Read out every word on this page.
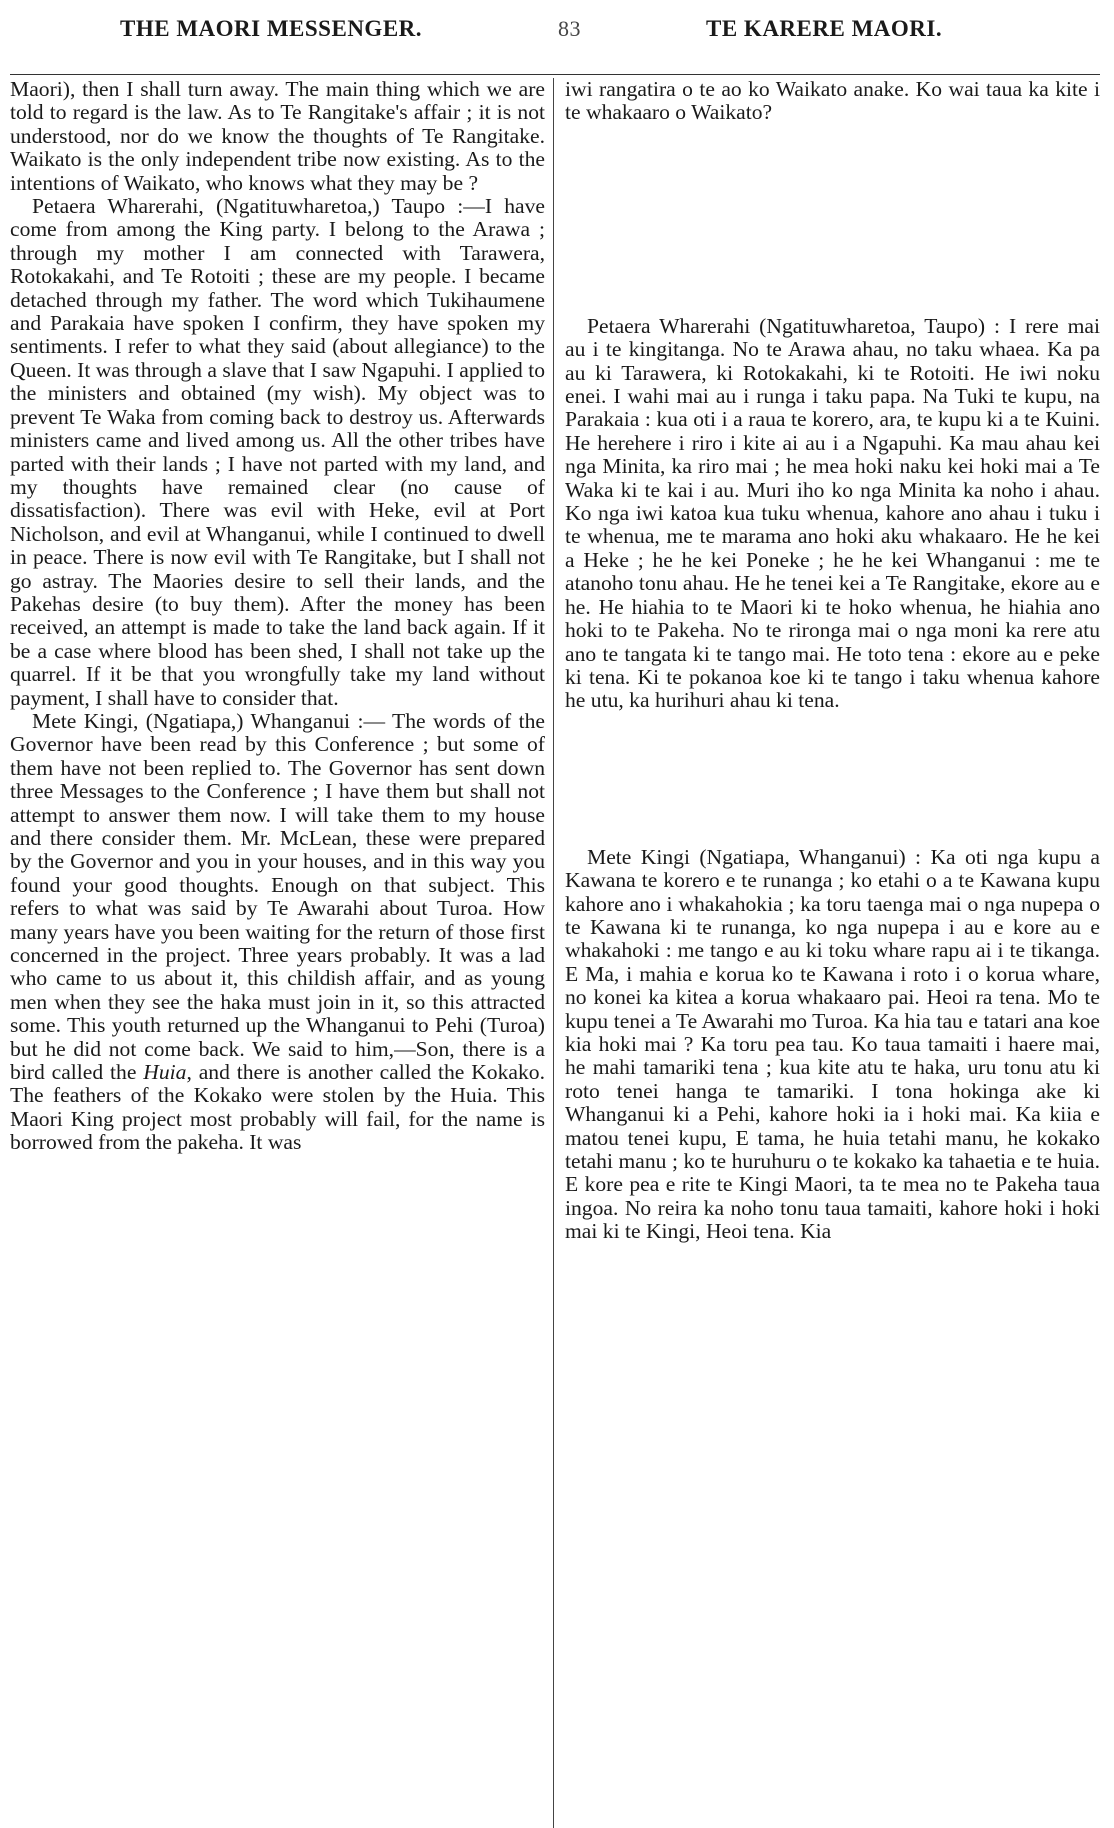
THE MAORI MESSENGER.	83	TE KARERE MAORI.

Maori), then I shall turn away. The main thing which we are told to regard is the law. As to Te Rangitake's affair ; it is not understood, nor do we know the thoughts of Te Rangitake. Waikato is the only independent tribe now existing. As to the intentions of Waikato, who knows what they may be ?

Petaera Wharerahi, (Ngatituwharetoa,) Taupo :—I have come from among the King party. I belong to the Arawa ; through my mother I am connected with Tarawera, Rotokakahi, and Te Rotoiti ; these are my people. I became detached through my father. The word which Tukihaumene and Parakaia have spoken I confirm, they have spoken my sentiments. I refer to what they said (about allegiance) to the Queen. It was through a slave that I saw Ngapuhi. I applied to the ministers and obtained (my wish). My object was to prevent Te Waka from coming back to destroy us. Afterwards ministers came and lived among us. All the other tribes have parted with their lands ; I have not parted with my land, and my thoughts have remained clear (no cause of dissatisfaction). There was evil with Heke, evil at Port Nicholson, and evil at Whanganui, while I continued to dwell in peace. There is now evil with Te Rangitake, but I shall not go astray. The Maories desire to sell their lands, and the Pakehas desire (to buy them). After the money has been received, an attempt is made to take the land back again. If it be a case where blood has been shed, I shall not take up the quarrel. If it be that you wrongfully take my land without payment, I shall have to consider that.

Mete Kingi, (Ngatiapa,) Whanganui :— The words of the Governor have been read by this Conference ; but some of them have not been replied to. The Governor has sent down three Messages to the Conference ; I have them but shall not attempt to answer them now. I will take them to my house and there consider them. Mr. McLean, these were prepared by the Governor and you in your houses, and in this way you found your good thoughts. Enough on that subject. This refers to what was said by Te Awarahi about Turoa. How many years have you been waiting for the return of those first concerned in the project. Three years probably. It was a lad who came to us about it, this childish affair, and as young men when they see the haka must join in it, so this attracted some. This youth returned up the Whanganui to Pehi (Turoa) but he did not come back. We said to him,—Son, there is a bird called the Huia, and there is another called the Kokako. The feathers of the Kokako were stolen by the Huia. This Maori King project most probably will fail, for the name is borrowed from the pakeha. It was

iwi rangatira o te ao ko Waikato anake. Ko wai taua ka kite i te whakaaro o Waikato?

Petaera Wharerahi (Ngatituwharetoa, Taupo) : I rere mai au i te kingitanga. No te Arawa ahau, no taku whaea. Ka pa au ki Tarawera, ki Rotokakahi, ki te Rotoiti. He iwi noku enei. I wahi mai au i runga i taku papa. Na Tuki te kupu, na Parakaia : kua oti i a raua te korero, ara, te kupu ki a te Kuini. He herehere i riro i kite ai au i a Ngapuhi. Ka mau ahau kei nga Minita, ka riro mai ; he mea hoki naku kei hoki mai a Te Waka ki te kai i au. Muri iho ko nga Minita ka noho i ahau. Ko nga iwi katoa kua tuku whenua, kahore ano ahau i tuku i te whenua, me te marama ano hoki aku whakaaro. He he kei a Heke ; he he kei Poneke ; he he kei Whanganui : me te atanoho tonu ahau. He he tenei kei a Te Rangitake, ekore au e he. He hiahia to te Maori ki te hoko whenua, he hiahia ano hoki to te Pakeha. No te rironga mai o nga moni ka rere atu ano te tangata ki te tango mai. He toto tena : ekore au e peke ki tena. Ki te pokanoa koe ki te tango i taku whenua kahore he utu, ka hurihuri ahau ki tena.

Mete Kingi (Ngatiapa, Whanganui) : Ka oti nga kupu a Kawana te korero e te runanga ; ko etahi o a te Kawana kupu kahore ano i whakahokia ; ka toru taenga mai o nga nupepa o te Kawana ki te runanga, ko nga nupepa i au e kore au e whakahoki : me tango e au ki toku whare rapu ai i te tikanga. E Ma, i mahia e korua ko te Kawana i roto i o korua whare, no konei ka kitea a korua whakaaro pai. Heoi ra tena. Mo te kupu tenei a Te Awarahi mo Turoa. Ka hia tau e tatari ana koe kia hoki mai ? Ka toru pea tau. Ko taua tamaiti i haere mai, he mahi tamariki tena ; kua kite atu te haka, uru tonu atu ki roto tenei hanga te tamariki. I tona hokinga ake ki Whanganui ki a Pehi, kahore hoki ia i hoki mai. Ka kiia e matou tenei kupu, E tama, he huia tetahi manu, he kokako tetahi manu ; ko te huruhuru o te kokako ka tahaetia e te huia. E kore pea e rite te Kingi Maori, ta te mea no te Pakeha taua ingoa. No reira ka noho tonu taua tamaiti, kahore hoki i hoki mai ki te Kingi, Heoi tena. Kia
